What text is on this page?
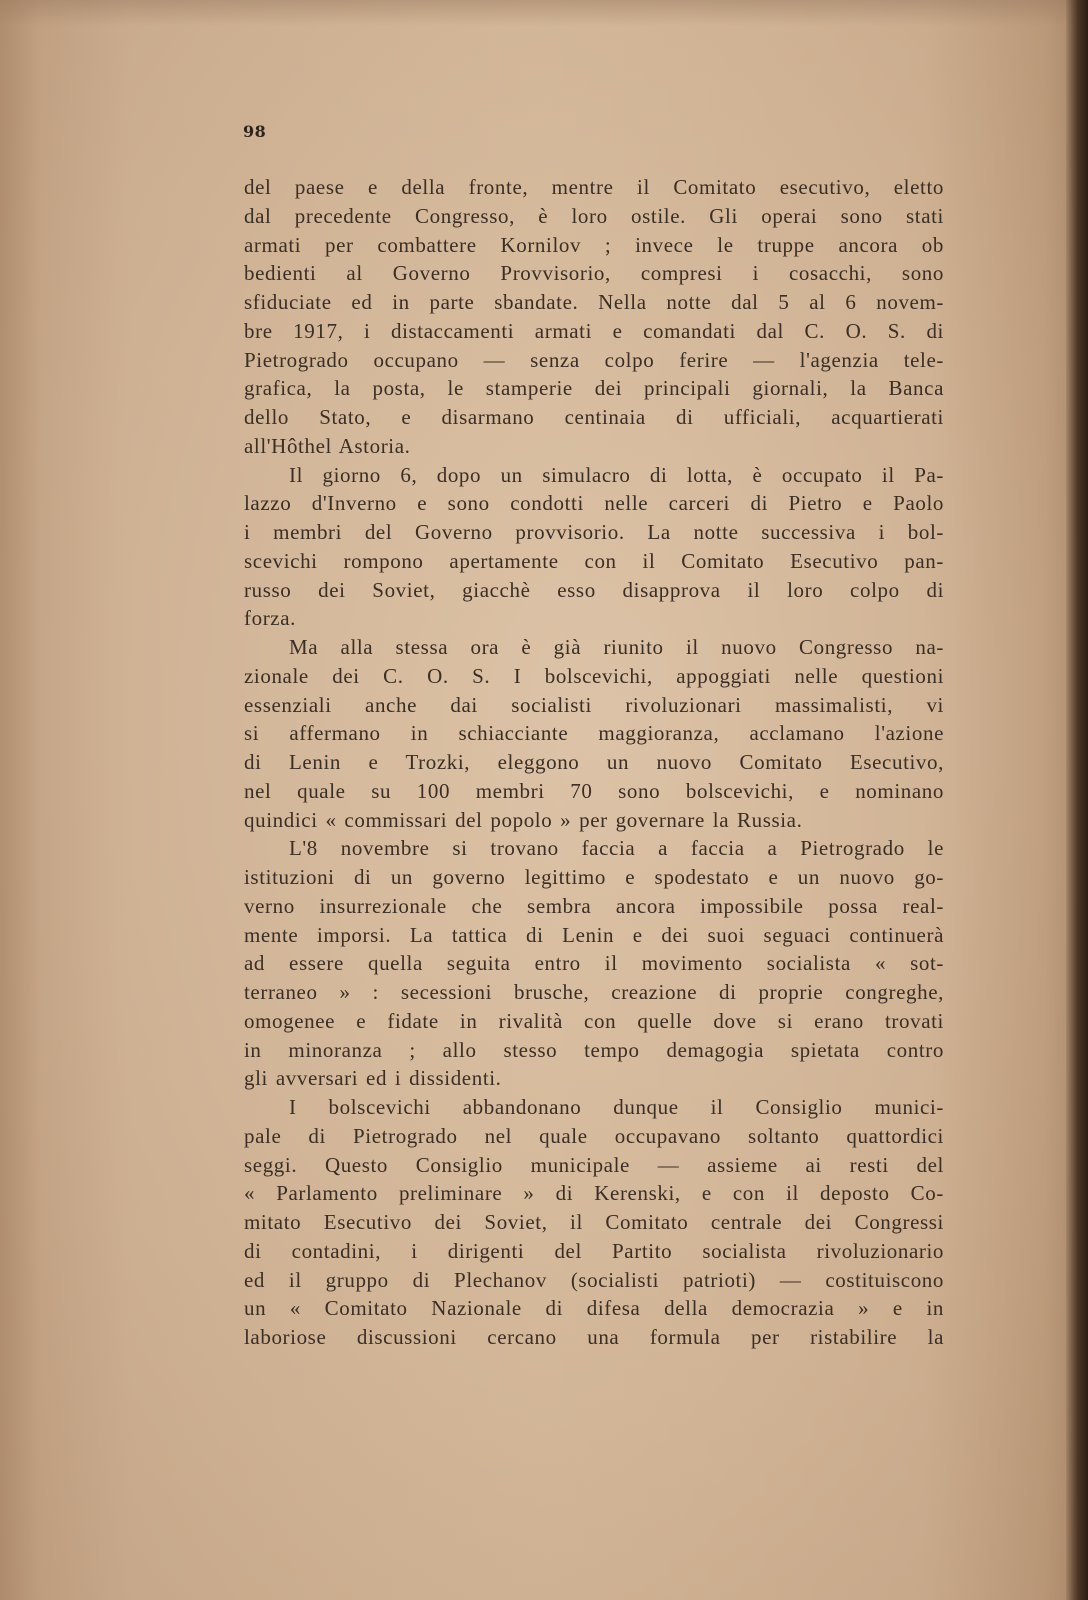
98
del paese e della fronte, mentre il Comitato esecutivo, eletto
dal precedente Congresso, è loro ostile. Gli operai sono stati
armati per combattere Kornilov ; invece le truppe ancora ob
bedienti al Governo Provvisorio, compresi i cosacchi, sono
sfiduciate ed in parte sbandate. Nella notte dal 5 al 6 novem-
bre 1917, i distaccamenti armati e comandati dal C. O. S. di
Pietrogrado occupano — senza colpo ferire — l'agenzia tele-
grafica, la posta, le stamperie dei principali giornali, la Banca
dello Stato, e disarmano centinaia di ufficiali, acquartierati
all'Hôthel Astoria.
Il giorno 6, dopo un simulacro di lotta, è occupato il Pa-
lazzo d'Inverno e sono condotti nelle carceri di Pietro e Paolo
i membri del Governo provvisorio. La notte successiva i bol-
scevichi rompono apertamente con il Comitato Esecutivo pan-
russo dei Soviet, giacchè esso disapprova il loro colpo di
forza.
Ma alla stessa ora è già riunito il nuovo Congresso na-
zionale dei C. O. S. I bolscevichi, appoggiati nelle questioni
essenziali anche dai socialisti rivoluzionari massimalisti, vi
si affermano in schiacciante maggioranza, acclamano l'azione
di Lenin e Trozki, eleggono un nuovo Comitato Esecutivo,
nel quale su 100 membri 70 sono bolscevichi, e nominano
quindici « commissari del popolo » per governare la Russia.
L'8 novembre si trovano faccia a faccia a Pietrogrado le
istituzioni di un governo legittimo e spodestato e un nuovo go-
verno insurrezionale che sembra ancora impossibile possa real-
mente imporsi. La tattica di Lenin e dei suoi seguaci continuerà
ad essere quella seguita entro il movimento socialista « sot-
terraneo » : secessioni brusche, creazione di proprie congreghe,
omogenee e fidate in rivalità con quelle dove si erano trovati
in minoranza ; allo stesso tempo demagogia spietata contro
gli avversari ed i dissidenti.
I bolscevichi abbandonano dunque il Consiglio munici-
pale di Pietrogrado nel quale occupavano soltanto quattordici
seggi. Questo Consiglio municipale — assieme ai resti del
« Parlamento preliminare » di Kerenski, e con il deposto Co-
mitato Esecutivo dei Soviet, il Comitato centrale dei Congressi
di contadini, i dirigenti del Partito socialista rivoluzionario
ed il gruppo di Plechanov (socialisti patrioti) — costituiscono
un « Comitato Nazionale di difesa della democrazia » e in
laboriose discussioni cercano una formula per ristabilire la
